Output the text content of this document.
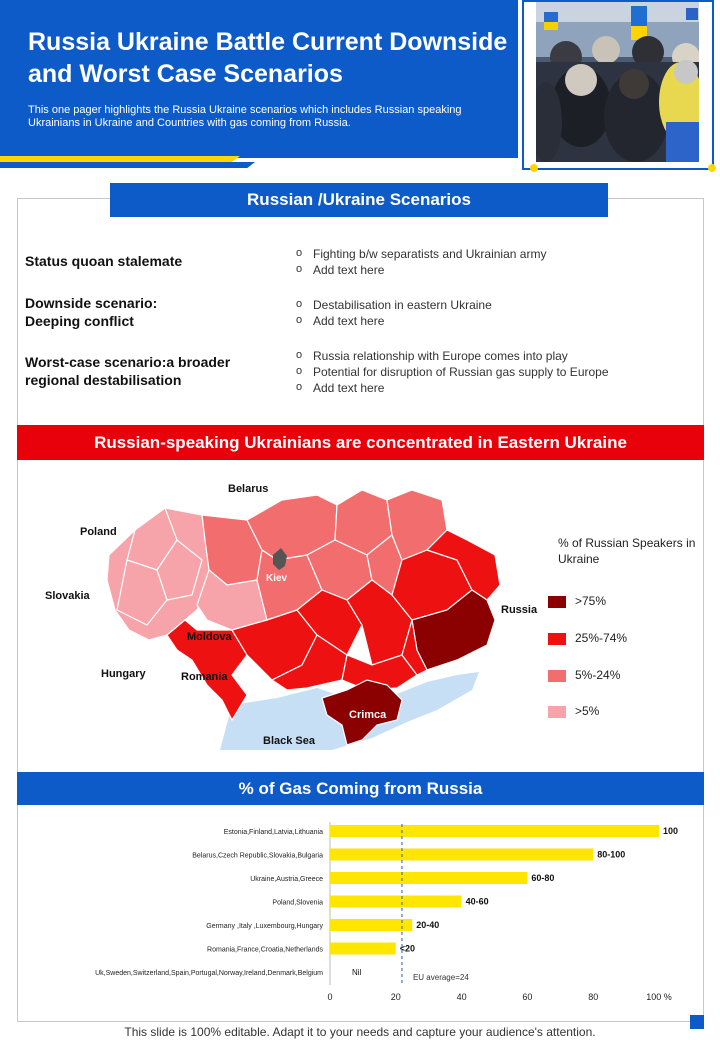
Russia Ukraine Battle Current Downside and Worst Case Scenarios
This one pager highlights the Russia Ukraine scenarios which includes Russian speaking Ukrainians in Ukraine and Countries with gas coming from Russia.
Russian /Ukraine Scenarios
Status quoan stalemate
o	Fighting b/w separatists and Ukrainian army
o Add text here
Downside scenario: Deeping conflict
o Destabilisation in eastern Ukraine
o Add text here
Worst-case scenario:a broader regional destabilisation
o Russia relationship with Europe comes into play
o Potential for disruption of Russian gas supply to Europe
o Add text here
Russian-speaking Ukrainians are concentrated in Eastern Ukraine
Belarus
Poland
Slovakia
Hungary
Moldova
Romania
Russia
Kiev
Crimca
Black Sea
% of Russian Speakers in Ukraine
>75%
25%-74%
5%-24%
>5%
% of Gas Coming from Russia
Estonia,Finland,Latvia,Lithuania
Belarus,Czech Republic,Slovakia,Bulgaria
Ukraine,Austria,Greece
Poland,Slovenia
Germany ,Italy ,Luxembourg,Hungary
Romania,France,Croatia,Netherlands
Uk,Sweden,Switzerland,Spain,Portugal,Norway,Ireland,Denmark,Belgium
100
80-100
60-80
40-60
20-40
<20
Nil
0	20	40	60	80	100 %
EU average=24
This slide is 100% editable. Adapt it to your needs and capture your audience's attention.
